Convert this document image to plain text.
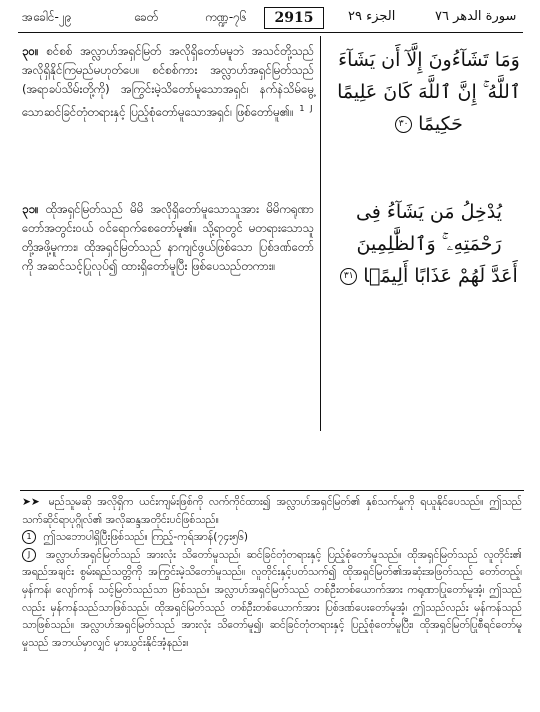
အခေါင်-၂၉	ခေတ်	ကဏ္ဍ-၇၆	2915	الجزء ٢٩	سورة الدهر ٧٦
၃၀။ စင်စစ် အလ္လာဟ်အရှင်မြတ် အလိုရှိတော်မမူဘဲ အသင်တို့သည် အလိုရှိနိုင်ကြမည်မဟုတ်ပေ။ စင်စစ်ကား အလ္လာဟ်အရှင်မြတ်သည် (အရာခပ်သိမ်းတို့ကို) အကြွင်းမဲ့သိတော်မူသောအရှင်၊ နက်နဲသိမ်မွေ့သောဆင်ခြင်တုံတရားနှင့် ပြည့်စုံတော်မူသောအရှင်၊ ဖြစ်တော်မူ၏။ $^1$ $^J$
وَمَا تَشَآءُونَ إِلَّآ أَن يَشَآءَ
ٱللَّهُ ۚ إِنَّ ٱللَّهَ كَانَ عَلِيمًا
حَكِيمًا ٣٠
၃၁။ ထိုအရှင်မြတ်သည် မိမိ အလိုရှိတော်မူသောသူအား မိမိကရုဏာတော်အတွင်းဝယ် ဝင်ရောက်စေတော်မူ၏။ သို့ရာတွင် မတရားသောသူတို့အဖို့မူကား၊ ထိုအရှင်မြတ်သည် နာကျင်ဖွယ်ဖြစ်သော ပြစ်ဒဏ်တော်ကို အဆင်သင့်ပြုလုပ်၍ ထားရှိတော်မူပြီး ဖြစ်ပေသည်တကား။
يُدْخِلُ مَن يَشَآءُ فِى
رَحْمَتِهِۦ ۚ وَٱلظَّٰلِمِينَ
أَعَدَّ لَهُمْ عَذَابًا أَلِيمًۢا ٣١

➤➤ မည်သူမဆို အလိုရှိက ယင်းကျမ်းဖြစ်ကို လက်ကိုင်ထား၍ အလ္လာဟ်အရှင်မြတ်၏ နှစ်သက်မှုကို ရယူနိုင်ပေသည်။ ဤသည် သက်ဆိုင်ရာပုဂ္ဂိုလ်၏ အလိုဆန္ဒအတိုင်းပင်ဖြစ်သည်။

1 ဤသဘောပါရှိပြီးဖြစ်သည်။ ကြည့်-ကုရ်အာန်(၇၄း၅၆)

J အလ္လာဟ်အရှင်မြတ်သည် အားလုံး သိတော်မူသည်၊ ဆင်ခြင်တုံတရားနှင့် ပြည့်စုံတော်မူသည်။ ထိုအရှင်မြတ်သည် လူတိုင်း၏ အရည်အချင်း စွမ်းရည်သတ္တိကို အကြွင်းမဲ့သိတော်မူသည်။ လူတိုင်းနှင့်ပတ်သက်၍ ထိုအရှင်မြတ်၏အဆုံးအဖြတ်သည် တော်တည့်၊ မှန်ကန်၊ လျော်ကန် သင့်မြတ်သည်သာ ဖြစ်သည်။ အလ္လာဟ်အရှင်မြတ်သည် တစ်ဦးတစ်ယောက်အား ကရုဏာပြုတော်မူအံ့၊ ဤသည်လည်း မှန်ကန်သည်သာဖြစ်သည်၊ ထိုအရှင်မြတ်သည် တစ်ဦးတစ်ယောက်အား ပြစ်ဒဏ်ပေးတော်မူအံ့၊ ဤသည်လည်း မှန်ကန်သည်သာဖြစ်သည်။ အလ္လာဟ်အရှင်မြတ်သည် အားလုံး သိတော်မူ၍၊ ဆင်ခြင်တုံတရားနှင့် ပြည့်စုံတော်မူပြီး၊ ထိုအရှင်မြတ်ပြုစီရင်တော်မူမှုသည် အဘယ်မှာလျှင် မှားယွင်းနိုင်အံ့နည်း။
